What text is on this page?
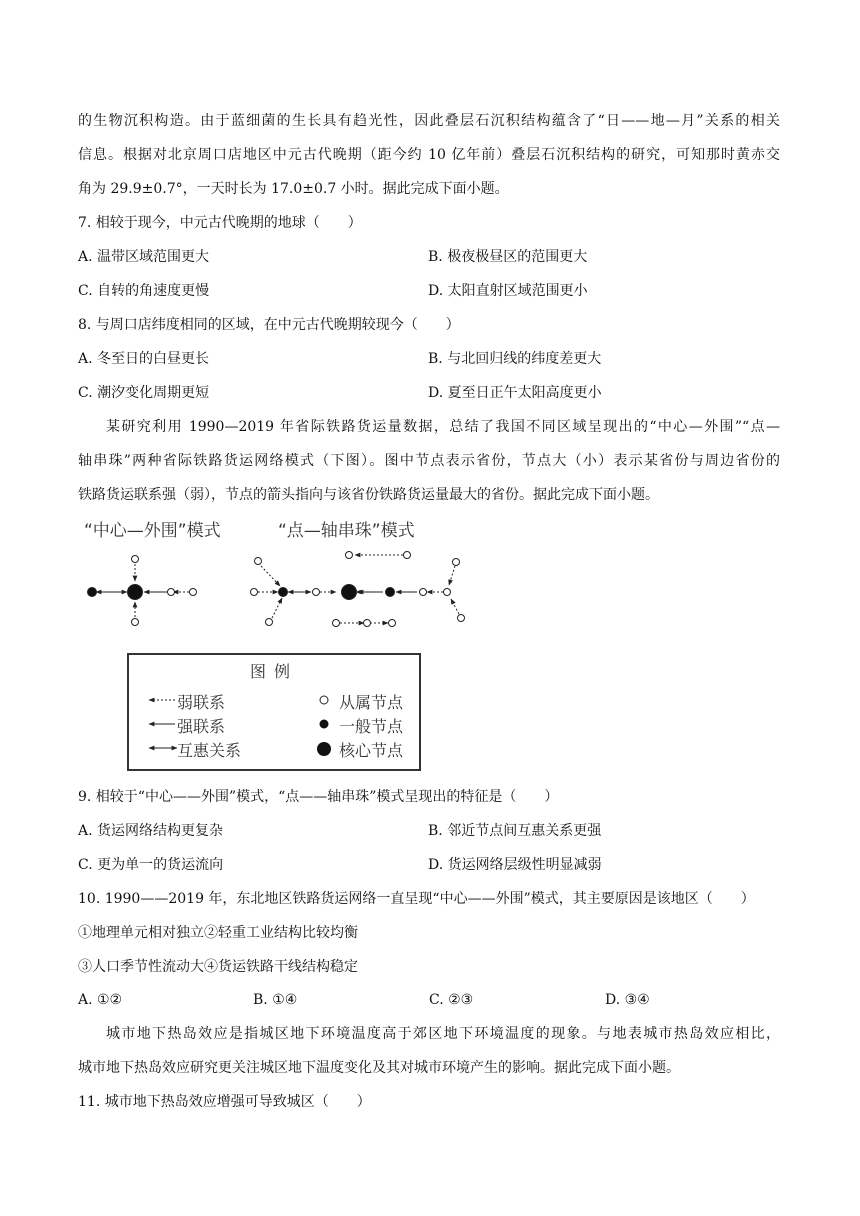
的生物沉积构造。由于蓝细菌的生长具有趋光性，因此叠层石沉积结构蕴含了“日——地—月”关系的相关
信息。根据对北京周口店地区中元古代晚期（距今约 10 亿年前）叠层石沉积结构的研究，可知那时黄赤交
角为 29.9±0.7°，一天时长为 17.0±0.7 小时。据此完成下面小题。
7. 相较于现今，中元古代晚期的地球（　　）
A. 温带区域范围更大	B. 极夜极昼区的范围更大
C. 自转的角速度更慢	D. 太阳直射区域范围更小
8. 与周口店纬度相同的区域，在中元古代晚期较现今（　　）
A. 冬至日的白昼更长	B. 与北回归线的纬度差更大
C. 潮汐变化周期更短	D. 夏至日正午太阳高度更小
某研究利用 1990—2019 年省际铁路货运量数据，总结了我国不同区域呈现出的“中心—外围”“点—
轴串珠”两种省际铁路货运网络模式（下图）。图中节点表示省份，节点大（小）表示某省份与周边省份的
铁路货运联系强（弱），节点的箭头指向与该省份铁路货运量最大的省份。据此完成下面小题。
“中心—外围”模式	“点—轴串珠”模式
图例
弱联系
强联系
互惠关系
从属节点
一般节点
核心节点
9. 相较于“中心——外围”模式，“点——轴串珠”模式呈现出的特征是（　　）
A. 货运网络结构更复杂	B. 邻近节点间互惠关系更强
C. 更为单一的货运流向	D. 货运网络层级性明显减弱
10. 1990——2019 年，东北地区铁路货运网络一直呈现“中心——外围”模式，其主要原因是该地区（　　）
①地理单元相对独立②轻重工业结构比较均衡
③人口季节性流动大④货运铁路干线结构稳定
A. ①②	B. ①④	C. ②③	D. ③④
城市地下热岛效应是指城区地下环境温度高于郊区地下环境温度的现象。与地表城市热岛效应相比，
城市地下热岛效应研究更关注城区地下温度变化及其对城市环境产生的影响。据此完成下面小题。
11. 城市地下热岛效应增强可导致城区（　　）
